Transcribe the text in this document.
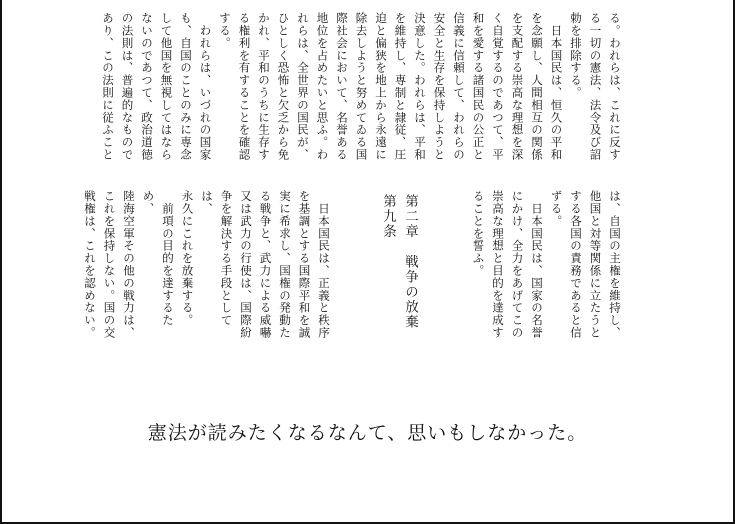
る。われらは、これに反す
る一切の憲法、法令及び詔
勅を排除する。
　日本国民は、恒久の平和
を念願し、人間相互の関係
を支配する崇高な理想を深
く自覚するのであつて、平
和を愛する諸国民の公正と
信義に信頼して、われらの
安全と生存を保持しようと
決意した。われらは、平和
を維持し、専制と隷従、圧
迫と偏狭を地上から永遠に
除去しようと努めてゐる国
際社会において、名誉ある
地位を占めたいと思ふ。わ
れらは、全世界の国民が、
ひとしく恐怖と欠乏から免
かれ、平和のうちに生存す
る権利を有することを確認
する。
　われらは、いづれの国家
も、自国のことのみに専念
して他国を無視してはなら
ないのであつて、政治道徳
の法則は、普遍的なもので
あり、この法則に従ふこと
は、自国の主権を維持し、
他国と対等関係に立たうと
する各国の責務であると信
ずる。
　日本国民は、国家の名誉
にかけ、全力をあげてこの
崇高な理想と目的を達成す
ることを誓ふ。
第二章　戦争の放棄
第九条
　日本国民は、正義と秩序
を基調とする国際平和を誠
実に希求し、国権の発動た
る戦争と、武力による威嚇
又は武力の行使は、国際紛
争を解決する手段としては、
永久にこれを放棄する。
　前項の目的を達するため、
陸海空軍その他の戦力は、
これを保持しない。国の交
戦権は、これを認めない。
憲法が読みたくなるなんて、思いもしなかった。
